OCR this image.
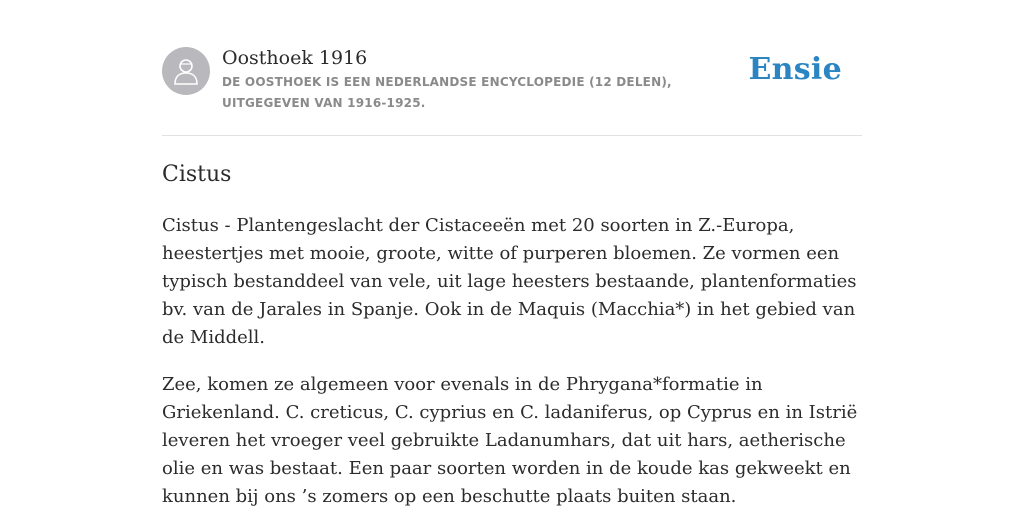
Oosthoek 1916
DE OOSTHOEK IS EEN NEDERLANDSE ENCYCLOPEDIE (12 DELEN), UITGEGEVEN VAN 1916-1925.
Ensie
Cistus

Cistus - Plantengeslacht der Cistaceeën met 20 soorten in Z.-Europa, heestertjes met mooie, groote, witte of purperen bloemen. Ze vormen een typisch bestanddeel van vele, uit lage heesters bestaande, plantenformaties bv. van de Jarales in Spanje. Ook in de Maquis (Macchia*) in het gebied van de Middell.

Zee, komen ze algemeen voor evenals in de Phrygana*formatie in Griekenland. C. creticus, C. cyprius en C. ladaniferus, op Cyprus en in Istrië leveren het vroeger veel gebruikte Ladanumhars, dat uit hars, aetherische olie en was bestaat. Een paar soorten worden in de koude kas gekweekt en kunnen bij ons ’s zomers op een beschutte plaats buiten staan.
